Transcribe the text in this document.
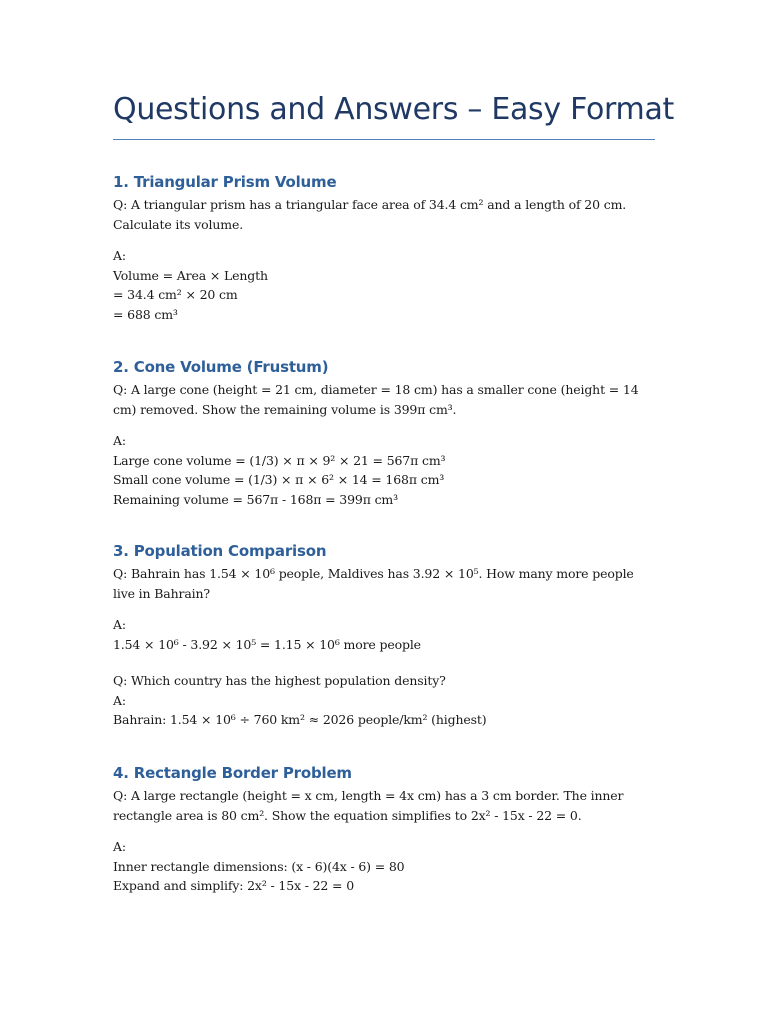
Questions and Answers – Easy Format
1. Triangular Prism Volume

Q: A triangular prism has a triangular face area of 34.4 cm² and a length of 20 cm. Calculate its volume.

A:

Volume = Area × Length

= 34.4 cm² × 20 cm

= 688 cm³

2. Cone Volume (Frustum)

Q: A large cone (height = 21 cm, diameter = 18 cm) has a smaller cone (height = 14 cm) removed. Show the remaining volume is 399π cm³.

A:

Large cone volume = (1/3) × π × 9² × 21 = 567π cm³

Small cone volume = (1/3) × π × 6² × 14 = 168π cm³

Remaining volume = 567π - 168π = 399π cm³

3. Population Comparison

Q: Bahrain has 1.54 × 10⁶ people, Maldives has 3.92 × 10⁵. How many more people live in Bahrain?

A:

1.54 × 10⁶ - 3.92 × 10⁵ = 1.15 × 10⁶ more people

Q: Which country has the highest population density?

A:

Bahrain: 1.54 × 10⁶ ÷ 760 km² ≈ 2026 people/km² (highest)

4. Rectangle Border Problem

Q: A large rectangle (height = x cm, length = 4x cm) has a 3 cm border. The inner rectangle area is 80 cm². Show the equation simplifies to 2x² - 15x - 22 = 0.

A:

Inner rectangle dimensions: (x - 6)(4x - 6) = 80

Expand and simplify: 2x² - 15x - 22 = 0
